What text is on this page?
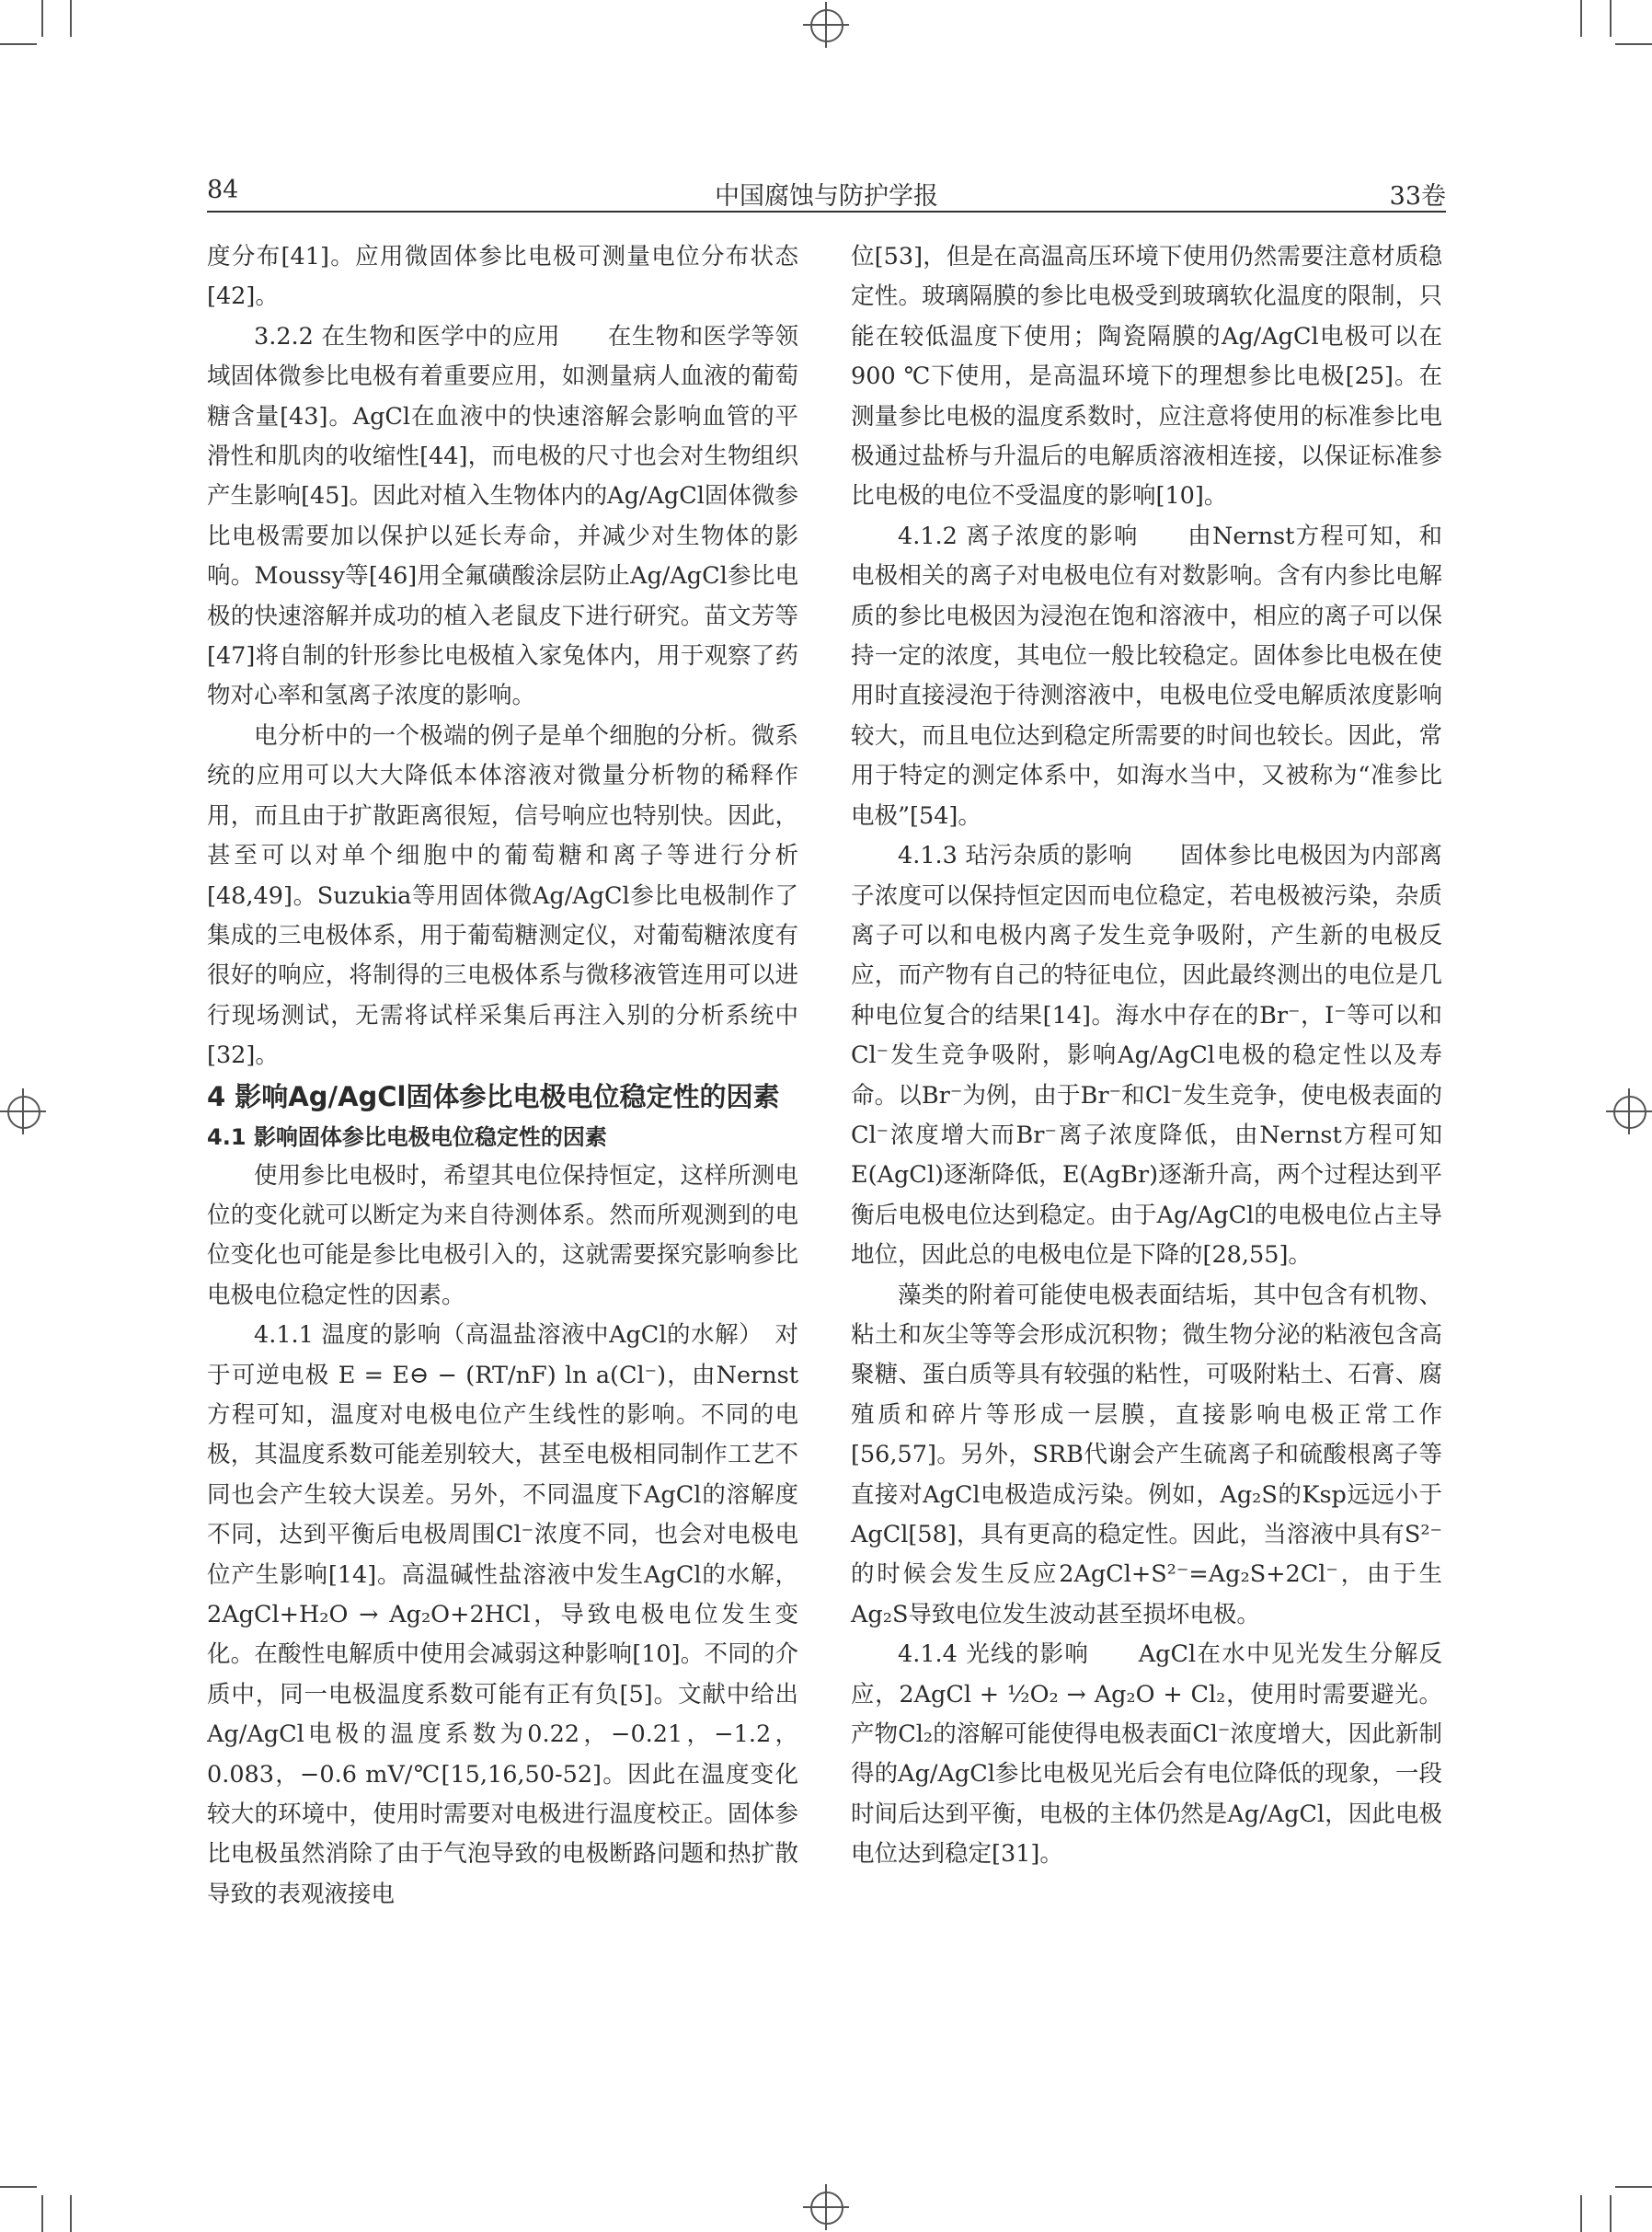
84	中国腐蚀与防护学报	33卷

度分布[41]。应用微固体参比电极可测量电位分布状态[42]。

3.2.2 在生物和医学中的应用　　在生物和医学等领域固体微参比电极有着重要应用，如测量病人血液的葡萄糖含量[43]。AgCl在血液中的快速溶解会影响血管的平滑性和肌肉的收缩性[44]，而电极的尺寸也会对生物组织产生影响[45]。因此对植入生物体内的Ag/AgCl固体微参比电极需要加以保护以延长寿命，并减少对生物体的影响。Moussy等[46]用全氟磺酸涂层防止Ag/AgCl参比电极的快速溶解并成功的植入老鼠皮下进行研究。苗文芳等[47]将自制的针形参比电极植入家兔体内，用于观察了药物对心率和氢离子浓度的影响。

电分析中的一个极端的例子是单个细胞的分析。微系统的应用可以大大降低本体溶液对微量分析物的稀释作用，而且由于扩散距离很短，信号响应也特别快。因此，甚至可以对单个细胞中的葡萄糖和离子等进行分析[48,49]。Suzukia等用固体微Ag/AgCl参比电极制作了集成的三电极体系，用于葡萄糖测定仪，对葡萄糖浓度有很好的响应，将制得的三电极体系与微移液管连用可以进行现场测试，无需将试样采集后再注入别的分析系统中[32]。

4 影响Ag/AgCl固体参比电极电位稳定性的因素

4.1 影响固体参比电极电位稳定性的因素

使用参比电极时，希望其电位保持恒定，这样所测电位的变化就可以断定为来自待测体系。然而所观测到的电位变化也可能是参比电极引入的，这就需要探究影响参比电极电位稳定性的因素。

4.1.1 温度的影响（高温盐溶液中AgCl的水解）　对于可逆电极 E = E⊖ − (RT/nF) ln a(Cl⁻)，由Nernst方程可知，温度对电极电位产生线性的影响。不同的电极，其温度系数可能差别较大，甚至电极相同制作工艺不同也会产生较大误差。另外，不同温度下AgCl的溶解度不同，达到平衡后电极周围Cl⁻浓度不同，也会对电极电位产生影响[14]。高温碱性盐溶液中发生AgCl的水解，2AgCl+H₂O → Ag₂O+2HCl，导致电极电位发生变化。在酸性电解质中使用会减弱这种影响[10]。不同的介质中，同一电极温度系数可能有正有负[5]。文献中给出Ag/AgCl电极的温度系数为0.22，−0.21，−1.2，0.083，−0.6 mV/℃[15,16,50-52]。因此在温度变化较大的环境中，使用时需要对电极进行温度校正。固体参比电极虽然消除了由于气泡导致的电极断路问题和热扩散导致的表观液接电

位[53]，但是在高温高压环境下使用仍然需要注意材质稳定性。玻璃隔膜的参比电极受到玻璃软化温度的限制，只能在较低温度下使用；陶瓷隔膜的Ag/AgCl电极可以在900 ℃下使用，是高温环境下的理想参比电极[25]。在测量参比电极的温度系数时，应注意将使用的标准参比电极通过盐桥与升温后的电解质溶液相连接，以保证标准参比电极的电位不受温度的影响[10]。

4.1.2 离子浓度的影响　　由Nernst方程可知，和电极相关的离子对电极电位有对数影响。含有内参比电解质的参比电极因为浸泡在饱和溶液中，相应的离子可以保持一定的浓度，其电位一般比较稳定。固体参比电极在使用时直接浸泡于待测溶液中，电极电位受电解质浓度影响较大，而且电位达到稳定所需要的时间也较长。因此，常用于特定的测定体系中，如海水当中，又被称为“准参比电极”[54]。

4.1.3 玷污杂质的影响　　固体参比电极因为内部离子浓度可以保持恒定因而电位稳定，若电极被污染，杂质离子可以和电极内离子发生竞争吸附，产生新的电极反应，而产物有自己的特征电位，因此最终测出的电位是几种电位复合的结果[14]。海水中存在的Br⁻，I⁻等可以和Cl⁻发生竞争吸附，影响Ag/AgCl电极的稳定性以及寿命。以Br⁻为例，由于Br⁻和Cl⁻发生竞争，使电极表面的Cl⁻浓度增大而Br⁻离子浓度降低，由Nernst方程可知E(AgCl)逐渐降低，E(AgBr)逐渐升高，两个过程达到平衡后电极电位达到稳定。由于Ag/AgCl的电极电位占主导地位，因此总的电极电位是下降的[28,55]。

藻类的附着可能使电极表面结垢，其中包含有机物、粘土和灰尘等等会形成沉积物；微生物分泌的粘液包含高聚糖、蛋白质等具有较强的粘性，可吸附粘土、石膏、腐殖质和碎片等形成一层膜，直接影响电极正常工作[56,57]。另外，SRB代谢会产生硫离子和硫酸根离子等直接对AgCl电极造成污染。例如，Ag₂S的Ksp远远小于AgCl[58]，具有更高的稳定性。因此，当溶液中具有S²⁻的时候会发生反应2AgCl+S²⁻=Ag₂S+2Cl⁻，由于生Ag₂S导致电位发生波动甚至损坏电极。

4.1.4 光线的影响　　AgCl在水中见光发生分解反应，2AgCl + ½O₂ → Ag₂O + Cl₂，使用时需要避光。产物Cl₂的溶解可能使得电极表面Cl⁻浓度增大，因此新制得的Ag/AgCl参比电极见光后会有电位降低的现象，一段时间后达到平衡，电极的主体仍然是Ag/AgCl，因此电极电位达到稳定[31]。
